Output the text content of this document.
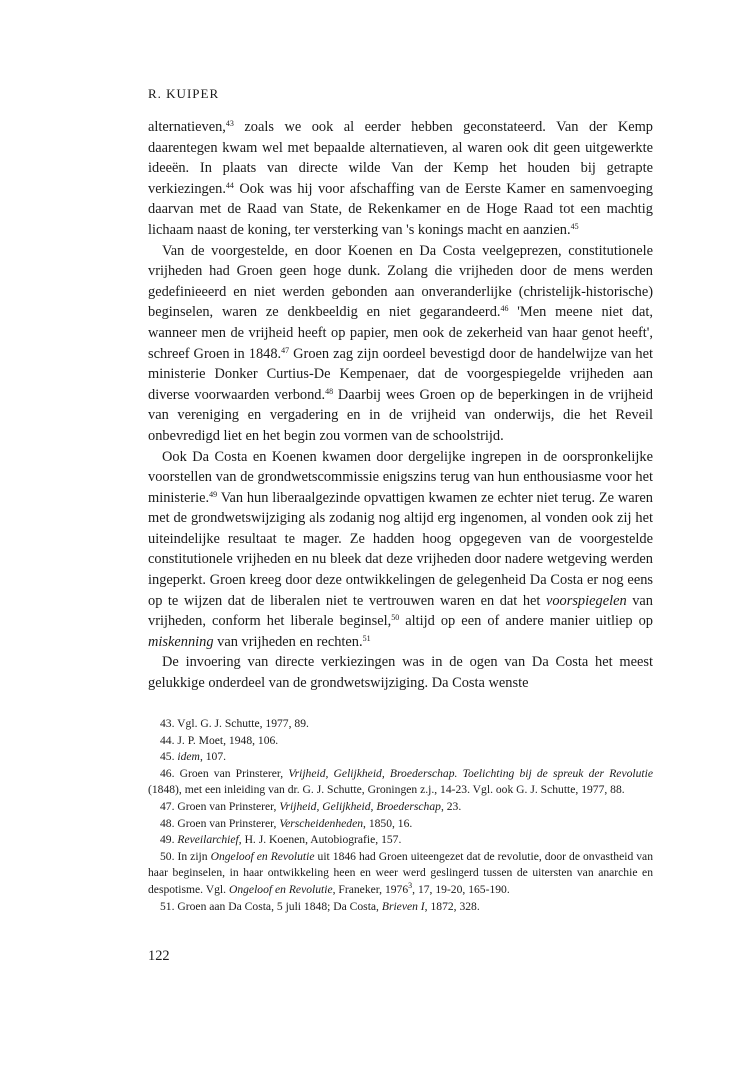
R. KUIPER

alternatieven,$^{43}$ zoals we ook al eerder hebben geconstateerd. Van der Kemp daarentegen kwam wel met bepaalde alternatieven, al waren ook dit geen uitgewerkte ideeën. In plaats van directe wilde Van der Kemp het houden bij getrapte verkiezingen.$^{44}$ Ook was hij voor afschaffing van de Eerste Kamer en samenvoeging daarvan met de Raad van State, de Rekenkamer en de Hoge Raad tot een machtig lichaam naast de koning, ter versterking van 's konings macht en aanzien.$^{45}$

Van de voorgestelde, en door Koenen en Da Costa veelgeprezen, constitutionele vrijheden had Groen geen hoge dunk. Zolang die vrijheden door de mens werden gedefinieeerd en niet werden gebonden aan onveranderlijke (christelijk-historische) beginselen, waren ze denkbeeldig en niet gegarandeerd.$^{46}$ 'Men meene niet dat, wanneer men de vrijheid heeft op papier, men ook de zekerheid van haar genot heeft', schreef Groen in 1848.47 Groen zag zijn oordeel bevestigd door de handelwijze van het ministerie Donker Curtius-De Kempenaer, dat de voorgespiegelde vrijheden aan diverse voorwaarden verbond.$^{48}$ Daarbij wees Groen op de beperkingen in de vrijheid van vereniging en vergadering en in de vrijheid van onderwijs, die het Reveil onbevredigd liet en het begin zou vormen van de schoolstrijd.

Ook Da Costa en Koenen kwamen door dergelijke ingrepen in de oorspronkelijke voorstellen van de grondwetscommissie enigszins terug van hun enthousiasme voor het ministerie.$^{49}$ Van hun liberaalgezinde opvattigen kwamen ze echter niet terug. Ze waren met de grondwetswijziging als zodanig nog altijd erg ingenomen, al vonden ook zij het uiteindelijke resultaat te mager. Ze hadden hoog opgegeven van de voorgestelde constitutionele vrijheden en nu bleek dat deze vrijheden door nadere wetgeving werden ingeperkt. Groen kreeg door deze ontwikkelingen de gelegenheid Da Costa er nog eens op te wijzen dat de liberalen niet te vertrouwen waren en dat het voorspiegelen van vrijheden, conform het liberale beginsel,$^{50}$ altijd op een of andere manier uitliep op miskenning van vrijheden en rechten.$^{51}$

De invoering van directe verkiezingen was in de ogen van Da Costa het meest gelukkige onderdeel van de grondwetswijziging. Da Costa wenste

43. Vgl. G. J. Schutte, 1977, 89.

44. J. P. Moet, 1948, 106.

45. idem, 107.

46. Groen van Prinsterer, Vrijheid, Gelijkheid, Broederschap. Toelichting bij de spreuk der Revolutie (1848), met een inleiding van dr. G. J. Schutte, Groningen z.j., 14-23. Vgl. ook G. J. Schutte, 1977, 88.

47. Groen van Prinsterer, Vrijheid, Gelijkheid, Broederschap, 23.

48. Groen van Prinsterer, Verscheidenheden, 1850, 16.

49. Reveilarchief, H. J. Koenen, Autobiografie, 157.

50. In zijn Ongeloof en Revolutie uit 1846 had Groen uiteengezet dat de revolutie, door de onvastheid van haar beginselen, in haar ontwikkeling heen en weer werd geslingerd tussen de uitersten van anarchie en despotisme. Vgl. Ongeloof en Revolutie, Franeker, 1976$^3$, 17, 19-20, 165-190.

51. Groen aan Da Costa, 5 juli 1848; Da Costa, Brieven I, 1872, 328.

122
